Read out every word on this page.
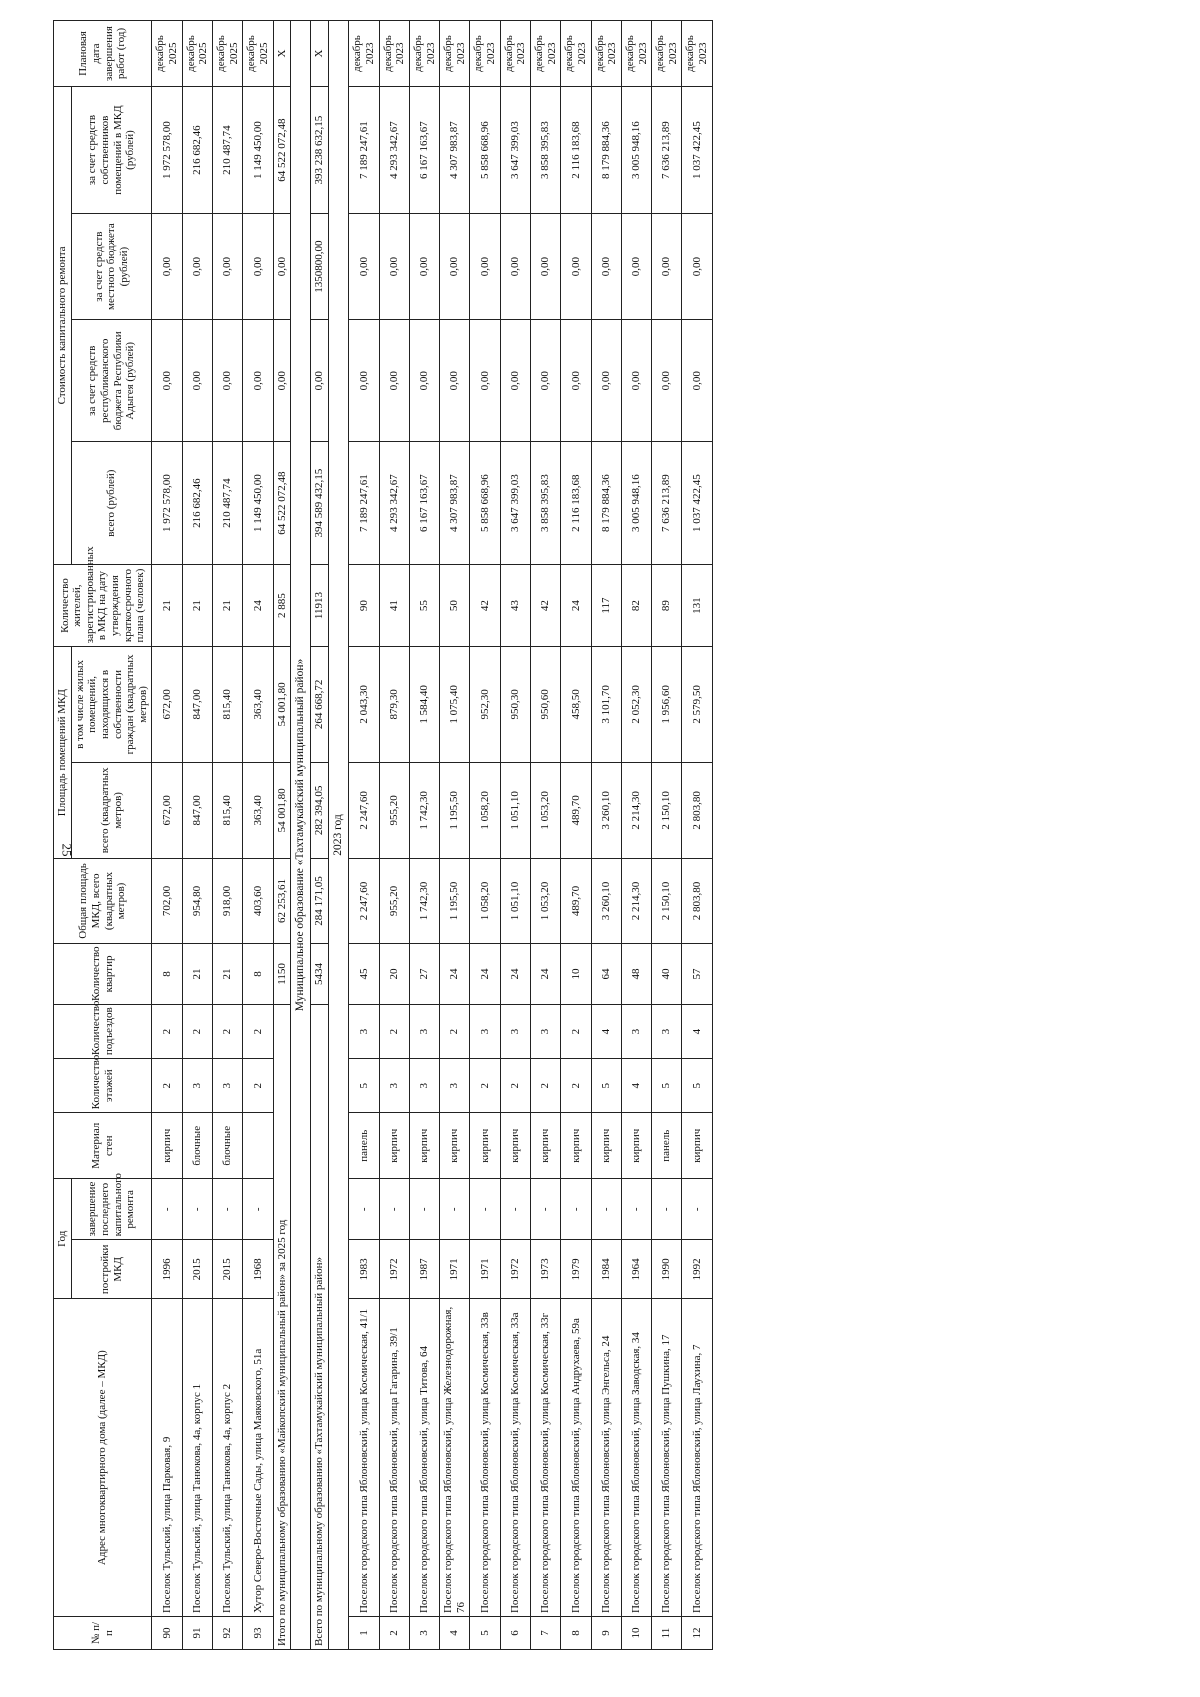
25
№ п/п	Адрес многоквартирного дома (далее – МКД)	Год		Материал стен	Количество этажей	Количество подъездов	Количество квартир	Общая площадь МКД, всего (квадратных метров)	Площадь помещений МКД		Количество жителей, зарегистрированных в МКД на дату утверждения краткосрочного плана (человек)	Стоимость капитального ремонта				Плановая дата завершения работ (год)
		постройки МКД	завершение последнего капитального ремонта						всего (квадратных метров)	в том числе жилых помещений, находящихся в собственности граждан (квадратных метров)		всего (рублей)	за счет средств республиканского бюджета Республики Адыгея (рублей)	за счет средств местного бюджета (рублей)	за счет средств собственников помещений в МКД (рублей)	
90	Поселок Тульский, улица Парковая, 9	1996	-	кирпич	2	2	8	702,00	672,00	672,00	21	1 972 578,00	0,00	0,00	1 972 578,00	декабрь 2025
91	Поселок Тульский, улица Танюкова, 4а, корпус 1	2015	-	блочные	3	2	21	954,80	847,00	847,00	21	216 682,46	0,00	0,00	216 682,46	декабрь 2025
92	Поселок Тульский, улица Танюкова, 4а, корпус 2	2015	-	блочные	3	2	21	918,00	815,40	815,40	21	210 487,74	0,00	0,00	210 487,74	декабрь 2025
93	Хутор Северо-Восточные Сады, улица Маяковского, 51а	1968	-		2	2	8	403,60	363,40	363,40	24	1 149 450,00	0,00	0,00	1 149 450,00	декабрь 2025
Итого по муниципальному образованию «Майкопский муниципальный район» за 2025 год							1150	62 253,61	54 001,80	54 001,80	2 885	64 522 072,48	0,00	0,00	64 522 072,48	X
Муниципальное образование «Тахтамукайский муниципальный район»																
Всего по муниципальному образованию «Тахтамукайский муниципальный район»							5434	284 171,05	282 394,05	264 668,72	11913	394 589 432,15	0,00	1350800,00	393 238 632,15	X
2023 год																
1	Поселок городского типа Яблоновский, улица Космическая, 41/1	1983	-	панель	5	3	45	2 247,60	2 247,60	2 043,30	90	7 189 247,61	0,00	0,00	7 189 247,61	декабрь 2023
2	Поселок городского типа Яблоновский, улица Гагарина, 39/1	1972	-	кирпич	3	2	20	955,20	955,20	879,30	41	4 293 342,67	0,00	0,00	4 293 342,67	декабрь 2023
3	Поселок городского типа Яблоновский, улица Титова, 64	1987	-	кирпич	3	3	27	1 742,30	1 742,30	1 584,40	55	6 167 163,67	0,00	0,00	6 167 163,67	декабрь 2023
4	Поселок городского типа Яблоновский, улица Железнодорожная, 76	1971	-	кирпич	3	2	24	1 195,50	1 195,50	1 075,40	50	4 307 983,87	0,00	0,00	4 307 983,87	декабрь 2023
5	Поселок городского типа Яблоновский, улица Космическая, 33в	1971	-	кирпич	2	3	24	1 058,20	1 058,20	952,30	42	5 858 668,96	0,00	0,00	5 858 668,96	декабрь 2023
6	Поселок городского типа Яблоновский, улица Космическая, 33а	1972	-	кирпич	2	3	24	1 051,10	1 051,10	950,30	43	3 647 399,03	0,00	0,00	3 647 399,03	декабрь 2023
7	Поселок городского типа Яблоновский, улица Космическая, 33г	1973	-	кирпич	2	3	24	1 053,20	1 053,20	950,60	42	3 858 395,83	0,00	0,00	3 858 395,83	декабрь 2023
8	Поселок городского типа Яблоновский, улица Андрухаева, 59а	1979	-	кирпич	2	2	10	489,70	489,70	458,50	24	2 116 183,68	0,00	0,00	2 116 183,68	декабрь 2023
9	Поселок городского типа Яблоновский, улица Энгельса, 24	1984	-	кирпич	5	4	64	3 260,10	3 260,10	3 101,70	117	8 179 884,36	0,00	0,00	8 179 884,36	декабрь 2023
10	Поселок городского типа Яблоновский, улица Заводская, 34	1964	-	кирпич	4	3	48	2 214,30	2 214,30	2 052,30	82	3 005 948,16	0,00	0,00	3 005 948,16	декабрь 2023
11	Поселок городского типа Яблоновский, улица Пушкина, 17	1990	-	панель	5	3	40	2 150,10	2 150,10	1 956,60	89	7 636 213,89	0,00	0,00	7 636 213,89	декабрь 2023
12	Поселок городского типа Яблоновский, улица Лаухина, 7	1992	-	кирпич	5	4	57	2 803,80	2 803,80	2 579,50	131	1 037 422,45	0,00	0,00	1 037 422,45	декабрь 2023
